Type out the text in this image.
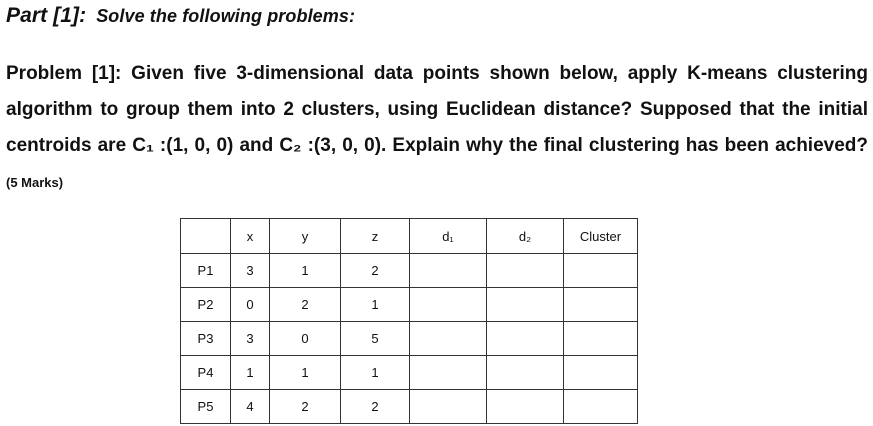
Part [1]: Solve the following problems:
Problem [1]: Given five 3-dimensional data points shown below, apply K-means clustering algorithm to group them into 2 clusters, using Euclidean distance? Supposed that the initial centroids are C₁ :(1, 0, 0) and C₂ :(3, 0, 0). Explain why the final clustering has been achieved? (5 Marks)
	x	y	z	d₁	d₂	Cluster
P1	3	1	2			
P2	0	2	1			
P3	3	0	5			
P4	1	1	1			
P5	4	2	2			
